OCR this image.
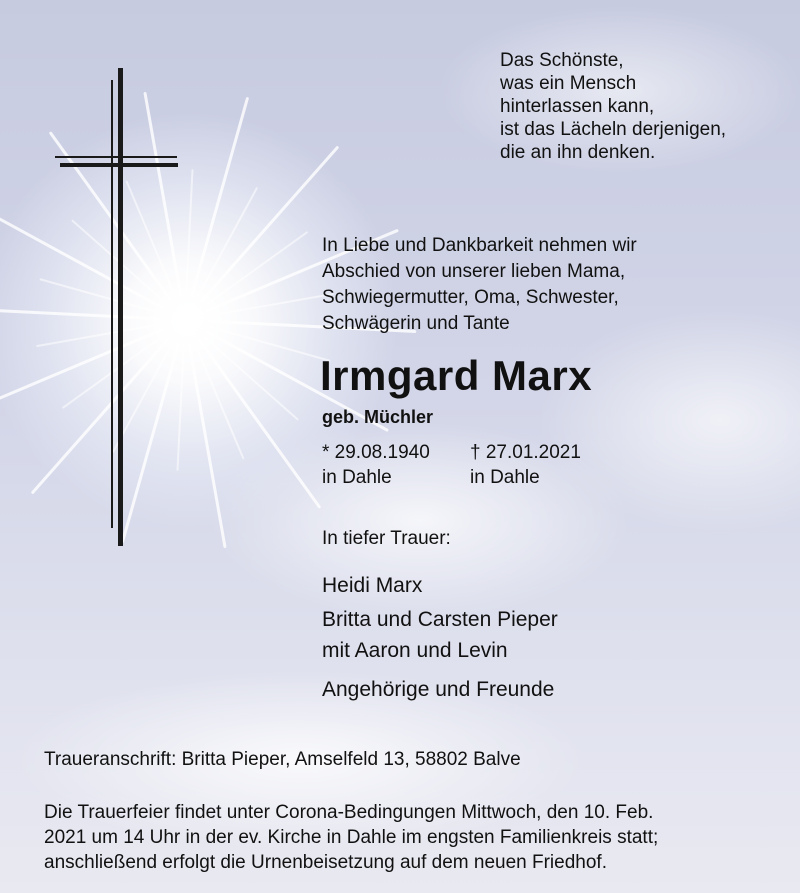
Das Schönste,
was ein Mensch
hinterlassen kann,
ist das Lächeln derjenigen,
die an ihn denken.
In Liebe und Dankbarkeit nehmen wir
Abschied von unserer lieben Mama,
Schwiegermutter, Oma, Schwester,
Schwägerin und Tante
Irmgard Marx
geb. Müchler
* 29.08.1940
in Dahle
† 27.01.2021
in Dahle
In tiefer Trauer:
Heidi Marx
Britta und Carsten Pieper
mit Aaron und Levin
Angehörige und Freunde
Traueranschrift: Britta Pieper, Amselfeld 13, 58802 Balve
Die Trauerfeier findet unter Corona-Bedingungen Mittwoch, den 10. Feb.
2021 um 14 Uhr in der ev. Kirche in Dahle im engsten Familienkreis statt;
anschließend erfolgt die Urnenbeisetzung auf dem neuen Friedhof.
